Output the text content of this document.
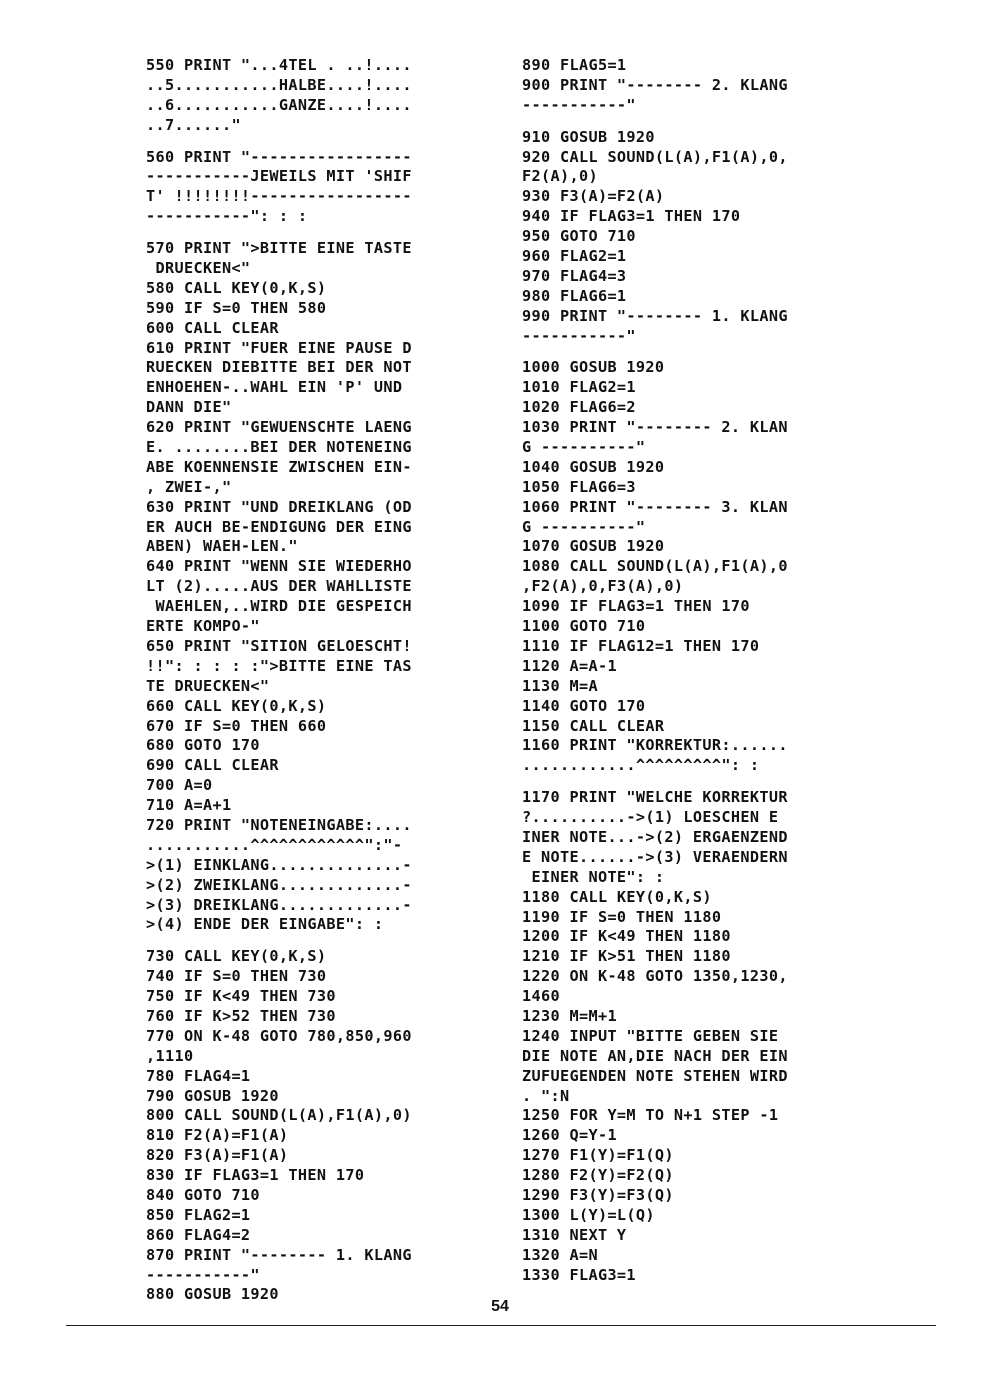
550 PRINT "...4TEL . ..!....
..5...........HALBE....!....
..6...........GANZE....!....
..7......"
560 PRINT "-----------------
-----------JEWEILS MIT 'SHIF
T' !!!!!!!!-----------------
-----------": : :
570 PRINT ">BITTE EINE TASTE
DRUECKEN<"
580 CALL KEY(0,K,S)
590 IF S=0 THEN 580
600 CALL CLEAR
610 PRINT "FUER EINE PAUSE D
RUECKEN DIEBITTE BEI DER NOT
ENHOEHEN-..WAHL EIN 'P' UND
DANN DIE"
620 PRINT "GEWUENSCHTE LAENG
E. ........BEI DER NOTENEING
ABE KOENNENSIE ZWISCHEN EIN-
, ZWEI-,"
630 PRINT "UND DREIKLANG (OD
ER AUCH BE-ENDIGUNG DER EING
ABEN) WAEH-LEN."
640 PRINT "WENN SIE WIEDERHO
LT (2).....AUS DER WAHLLISTE
WAEHLEN,..WIRD DIE GESPEICH
ERTE KOMPO-"
650 PRINT "SITION GELOESCHT!
!!": : : : :">BITTE EINE TAS
TE DRUECKEN<"
660 CALL KEY(0,K,S)
670 IF S=0 THEN 660
680 GOTO 170
690 CALL CLEAR
700 A=0
710 A=A+1
720 PRINT "NOTENEINGABE:....
...........^^^^^^^^^^^^":"-
>(1) EINKLANG..............-
>(2) ZWEIKLANG.............-
>(3) DREIKLANG.............-
>(4) ENDE DER EINGABE": :
730 CALL KEY(0,K,S)
740 IF S=0 THEN 730
750 IF K<49 THEN 730
760 IF K>52 THEN 730
770 ON K-48 GOTO 780,850,960
,1110
780 FLAG4=1
790 GOSUB 1920
800 CALL SOUND(L(A),F1(A),0)
810 F2(A)=F1(A)
820 F3(A)=F1(A)
830 IF FLAG3=1 THEN 170
840 GOTO 710
850 FLAG2=1
860 FLAG4=2
870 PRINT "-------- 1. KLANG
-----------"
880 GOSUB 1920
890 FLAG5=1
900 PRINT "-------- 2. KLANG
-----------"
910 GOSUB 1920
920 CALL SOUND(L(A),F1(A),0,
F2(A),0)
930 F3(A)=F2(A)
940 IF FLAG3=1 THEN 170
950 GOTO 710
960 FLAG2=1
970 FLAG4=3
980 FLAG6=1
990 PRINT "-------- 1. KLANG
-----------"
1000 GOSUB 1920
1010 FLAG2=1
1020 FLAG6=2
1030 PRINT "-------- 2. KLAN
G ----------"
1040 GOSUB 1920
1050 FLAG6=3
1060 PRINT "-------- 3. KLAN
G ----------"
1070 GOSUB 1920
1080 CALL SOUND(L(A),F1(A),0
,F2(A),0,F3(A),0)
1090 IF FLAG3=1 THEN 170
1100 GOTO 710
1110 IF FLAG12=1 THEN 170
1120 A=A-1
1130 M=A
1140 GOTO 170
1150 CALL CLEAR
1160 PRINT "KORREKTUR:......
............^^^^^^^^^": :
1170 PRINT "WELCHE KORREKTUR
?..........->(1) LOESCHEN E
INER NOTE...->(2) ERGAENZEND
E NOTE......->(3) VERAENDERN
EINER NOTE": :
1180 CALL KEY(0,K,S)
1190 IF S=0 THEN 1180
1200 IF K<49 THEN 1180
1210 IF K>51 THEN 1180
1220 ON K-48 GOTO 1350,1230,
1460
1230 M=M+1
1240 INPUT "BITTE GEBEN SIE
DIE NOTE AN,DIE NACH DER EIN
ZUFUEGENDEN NOTE STEHEN WIRD
. ":N
1250 FOR Y=M TO N+1 STEP -1
1260 Q=Y-1
1270 F1(Y)=F1(Q)
1280 F2(Y)=F2(Q)
1290 F3(Y)=F3(Q)
1300 L(Y)=L(Q)
1310 NEXT Y
1320 A=N
1330 FLAG3=1
54
